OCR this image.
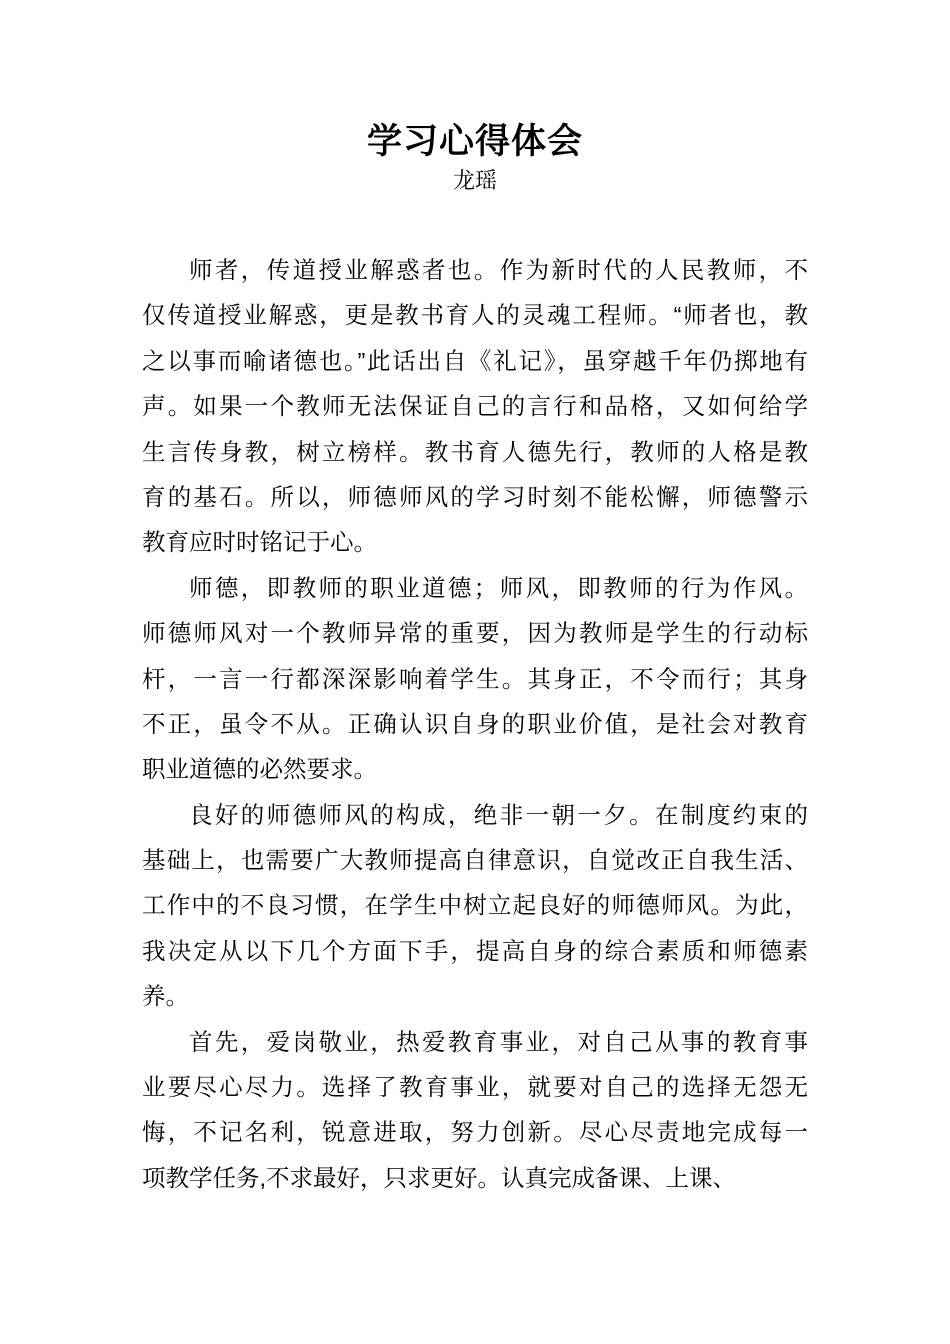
学习心得体会
龙瑶
师者，传道授业解惑者也。作为新时代的人民教师，不
仅传道授业解惑，更是教书育人的灵魂工程师。“师者也，教
之以事而喻诸德也。”此话出自《礼记》，虽穿越千年仍掷地有
声。如果一个教师无法保证自己的言行和品格，又如何给学
生言传身教，树立榜样。教书育人德先行，教师的人格是教
育的基石。所以，师德师风的学习时刻不能松懈，师德警示
教育应时时铭记于心。
师德，即教师的职业道德；师风，即教师的行为作风。
师德师风对一个教师异常的重要，因为教师是学生的行动标
杆，一言一行都深深影响着学生。其身正，不令而行；其身
不正，虽令不从。正确认识自身的职业价值，是社会对教育
职业道德的必然要求。
良好的师德师风的构成，绝非一朝一夕。在制度约束的
基础上，也需要广大教师提高自律意识，自觉改正自我生活、
工作中的不良习惯，在学生中树立起良好的师德师风。为此，
我决定从以下几个方面下手，提高自身的综合素质和师德素
养。
首先，爱岗敬业，热爱教育事业，对自己从事的教育事
业要尽心尽力。选择了教育事业，就要对自己的选择无怨无
悔，不记名利，锐意进取，努力创新。尽心尽责地完成每一
项教学任务,不求最好，只求更好。认真完成备课、上课、
